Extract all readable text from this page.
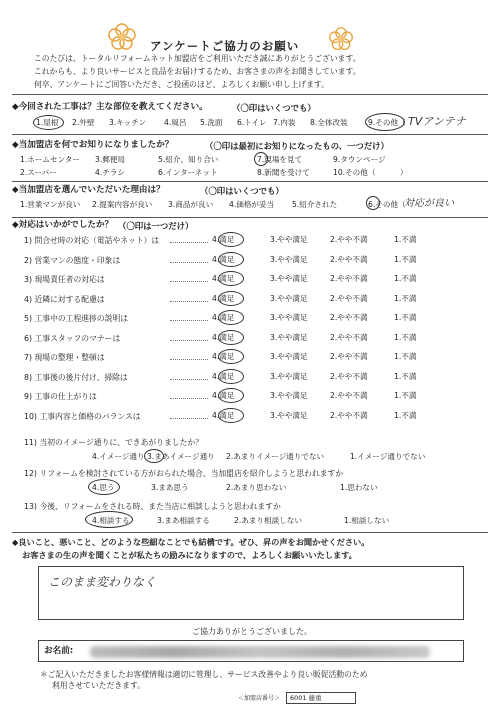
アンケートご協力のお願い
このたびは、トータルリフォームネット加盟店をご利用いただき誠にありがとうございます。
これからも、より良いサービスと良品をお届けするため、お客さまの声をお聞きしています。
何卒、アンケートにご回答いただき、ご投函のほど、よろしくお願い申し上げます。
◆今回された工事は？主な部位を教えてください。	（〇印はいくつでも）
1.屋根 2.外壁 3.キッチン 4.風呂 5.洗面 6.トイレ 7.内装 8.全体改装	9.その他（ TVアンテナ
◆当加盟店を何でお知りになりましたか？	（〇印は最初にお知りになったもの、一つだけ）
1.ホームセンター 3.郵便局	5.紹介、知り合い	7.現場を見て	9.タウンページ
2.スーパー	4.チラシ	6.インターネット	8.新聞を受けて	10.その他（	）
◆当加盟店を選んでいただいた理由は？	（〇印はいくつでも）
1.営業マンが良い 2.提案内容が良い 3.商品が良い 4.価格が妥当 5.紹介された	6.その他（
対応が良い
◆対応はいかがでしたか？ （〇印は一つだけ）
1) 問合せ時の対応（電話やネット）は	4.満足	3.やや満足	2.やや不満	1.不満
2) 営業マンの態度・印象は	4.満足	3.やや満足	2.やや不満	1.不満
3) 現場責任者の対応は	4.満足	3.やや満足	2.やや不満	1.不満
4) 近隣に対する配慮は	4.満足	3.やや満足	2.やや不満	1.不満
5) 工事中の工程進捗の説明は	4.満足	3.やや満足	2.やや不満	1.不満
6) 工事スタッフのマナーは	4.満足	3.やや満足	2.やや不満	1.不満
7) 現場の整理・整頓は	4.満足	3.やや満足	2.やや不満	1.不満
8) 工事後の後片付け、掃除は	4.満足	3.やや満足	2.やや不満	1.不満
9) 工事の仕上がりは	4.満足	3.やや満足	2.やや不満	1.不満
10) 工事内容と価格のバランスは	4.満足	3.やや満足	2.やや不満	1.不満
11) 当初のイメージ通りに、できあがりましたか？
4.イメージ通り 3.まあイメージ通り 2.あまりイメージ通りでない	1.イメージ通りでない
12) リフォームを検討されている方がおられた場合、当加盟店を紹介しようと思われますか
4.思う	3.まあ思う	2.あまり思わない	1.思わない
13) 今後、リフォームをされる時、また当店に相談しようと思われますか
4.相談する	3.まあ相談する	2.あまり相談しない	1.相談しない
◆良いこと、悪いこと、どのような些細なことでも結構です。ぜひ、昇の声をお聞かせください。
お客さまの生の声を聞くことが私たちの励みになりますので、よろしくお願いいたします。
このまま変わりなく
ご協力ありがとうございました。
お名前:
＊ご記入いただきましたお客様情報は適切に管理し、サービス改善やより良い販促活動のため
利用させていただきます。
＜加盟店番号＞ 6001 藤重
